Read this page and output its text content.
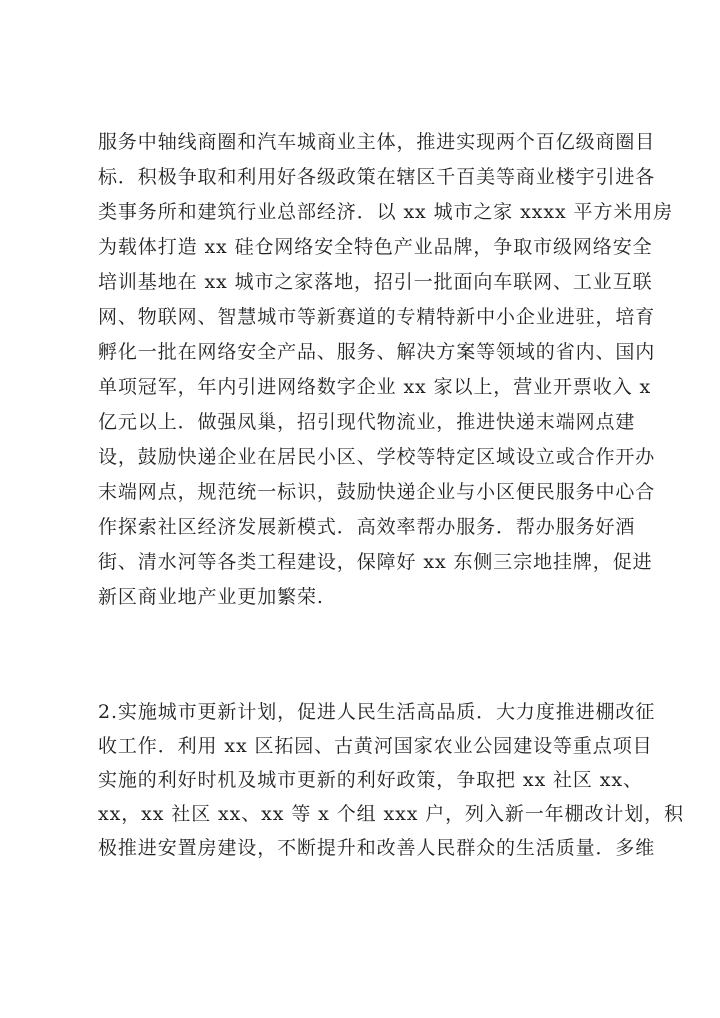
服务中轴线商圈和汽车城商业主体，推进实现两个百亿级商圈目
标．积极争取和利用好各级政策在辖区千百美等商业楼宇引进各
类事务所和建筑行业总部经济．以 xx 城市之家 xxxx 平方米用房
为载体打造 xx 硅仓网络安全特色产业品牌，争取市级网络安全
培训基地在 xx 城市之家落地，招引一批面向车联网、工业互联
网、物联网、智慧城市等新赛道的专精特新中小企业进驻，培育
孵化一批在网络安全产品、服务、解决方案等领域的省内、国内
单项冠军，年内引进网络数字企业 xx 家以上，营业开票收入 x
亿元以上．做强凤巢，招引现代物流业，推进快递末端网点建
设，鼓励快递企业在居民小区、学校等特定区域设立或合作开办
末端网点，规范统一标识，鼓励快递企业与小区便民服务中心合
作探索社区经济发展新模式．高效率帮办服务．帮办服务好酒
街、清水河等各类工程建设，保障好 xx 东侧三宗地挂牌，促进
新区商业地产业更加繁荣.
2.实施城市更新计划，促进人民生活高品质．大力度推进棚改征
收工作．利用 xx 区拓园、古黄河国家农业公园建设等重点项目
实施的利好时机及城市更新的利好政策，争取把 xx 社区 xx、
xx，xx 社区 xx、xx 等 x 个组 xxx 户，列入新一年棚改计划，积
极推进安置房建设，不断提升和改善人民群众的生活质量．多维
